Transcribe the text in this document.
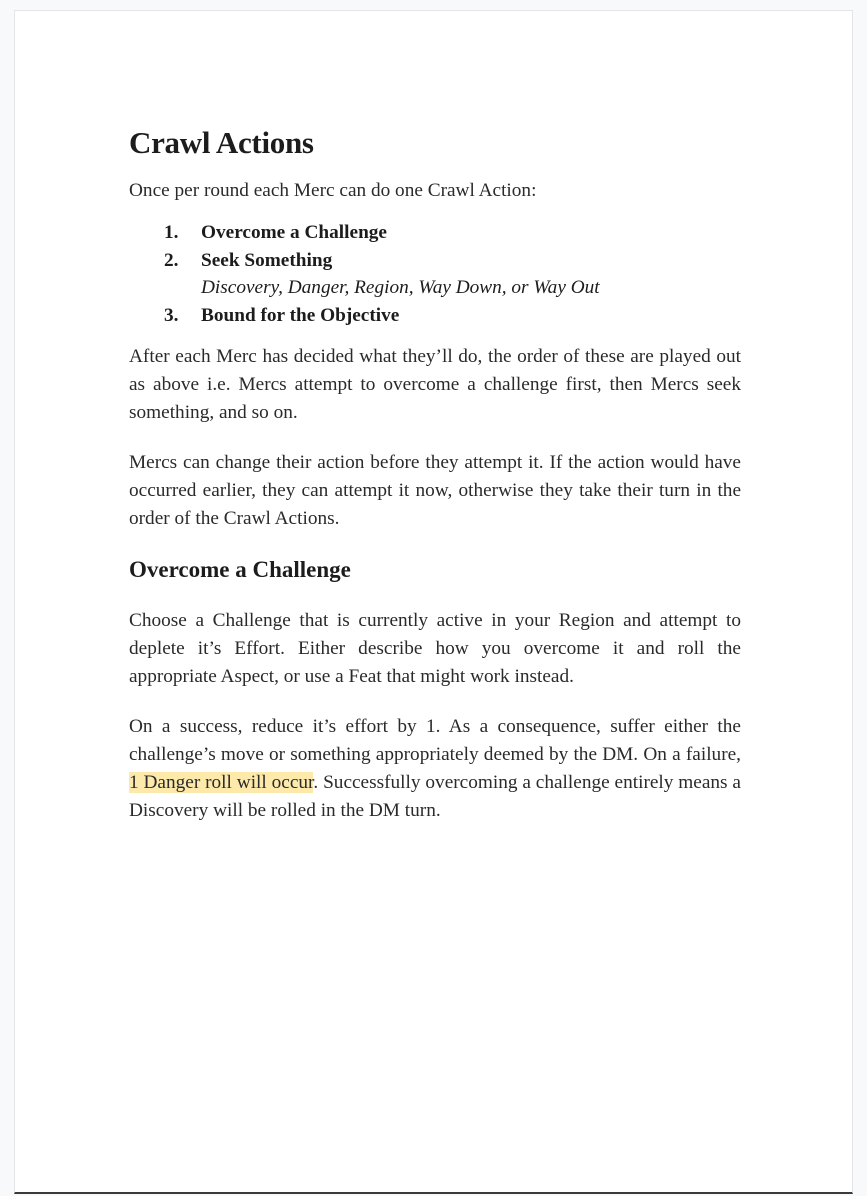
Crawl Actions

Once per round each Merc can do one Crawl Action:

1. Overcome a Challenge
2. Seek Something
Discovery, Danger, Region, Way Down, or Way Out
3. Bound for the Objective

After each Merc has decided what they’ll do, the order of these are played out as above i.e. Mercs attempt to overcome a challenge first, then Mercs seek something, and so on.

Mercs can change their action before they attempt it. If the action would have occurred earlier, they can attempt it now, otherwise they take their turn in the order of the Crawl Actions.

Overcome a Challenge

Choose a Challenge that is currently active in your Region and attempt to deplete it’s Effort. Either describe how you overcome it and roll the appropriate Aspect, or use a Feat that might work instead.

On a success, reduce it’s effort by 1. As a consequence, suffer either the challenge’s move or something appropriately deemed by the DM. On a failure, 1 Danger roll will occur. Successfully overcoming a challenge entirely means a Discovery will be rolled in the DM turn.
